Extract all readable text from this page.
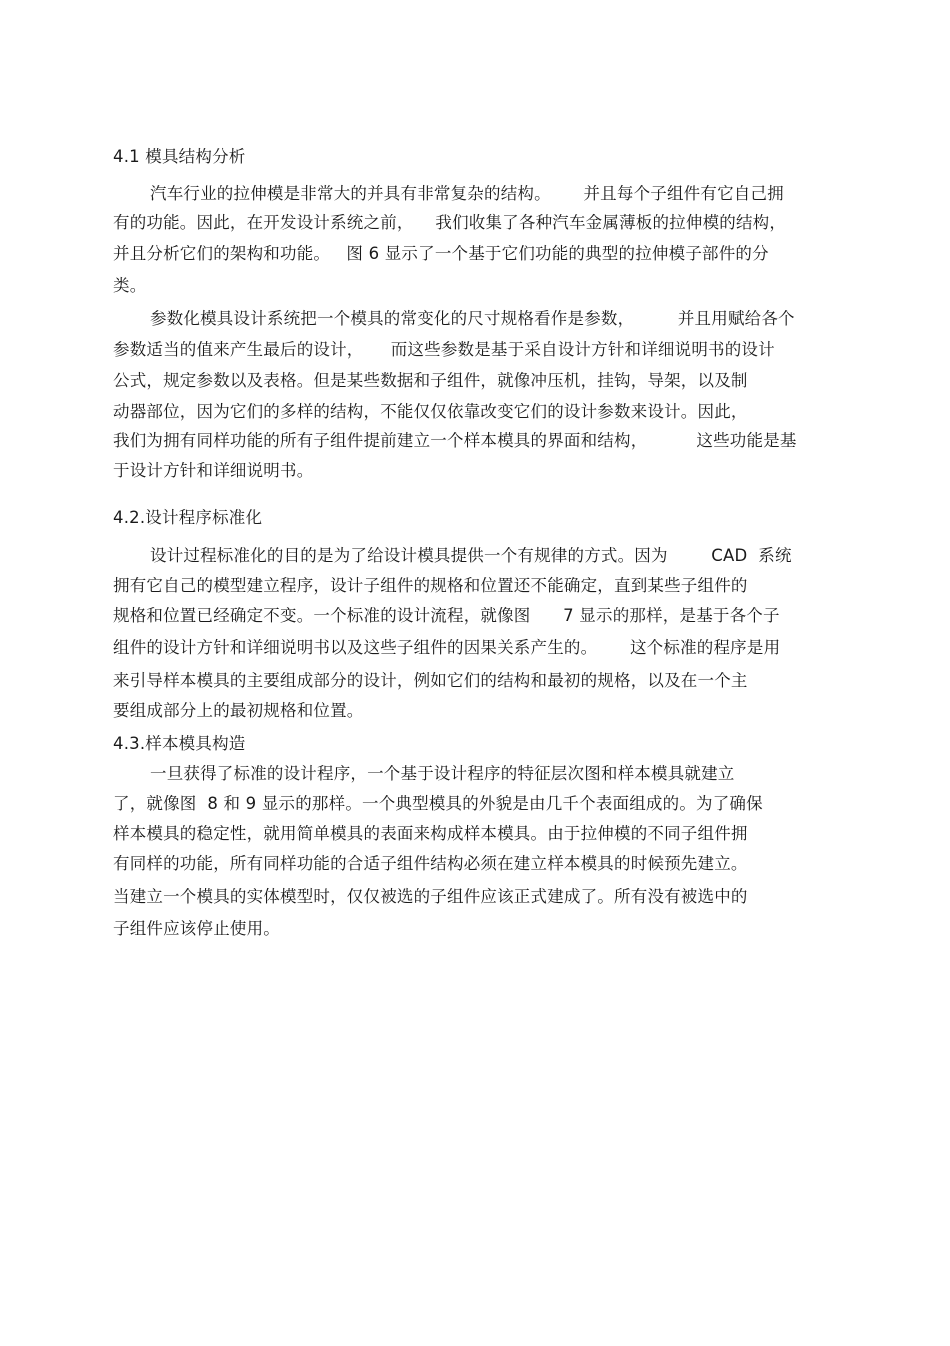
4.1 模具结构分析
汽车行业的拉伸模是非常大的并具有非常复杂的结构。      并且每个子组件有它自己拥
有的功能。因此，在开发设计系统之前，    我们收集了各种汽车金属薄板的拉伸模的结构，
并且分析它们的架构和功能。   图 6 显示了一个基于它们功能的典型的拉伸模子部件的分
类。
参数化模具设计系统把一个模具的常变化的尺寸规格看作是参数，        并且用赋给各个
参数适当的值来产生最后的设计，     而这些参数是基于采自设计方针和详细说明书的设计
公式，规定参数以及表格。但是某些数据和子组件，就像冲压机，挂钩，导架，以及制
动器部位，因为它们的多样的结构，不能仅仅依靠改变它们的设计参数来设计。因此，
我们为拥有同样功能的所有子组件提前建立一个样本模具的界面和结构，         这些功能是基
于设计方针和详细说明书。
4.2.设计程序标准化
设计过程标准化的目的是为了给设计模具提供一个有规律的方式。因为        CAD  系统
拥有它自己的模型建立程序，设计子组件的规格和位置还不能确定，直到某些子组件的
规格和位置已经确定不变。一个标准的设计流程，就像图      7 显示的那样，是基于各个子
组件的设计方针和详细说明书以及这些子组件的因果关系产生的。      这个标准的程序是用
来引导样本模具的主要组成部分的设计，例如它们的结构和最初的规格，以及在一个主
要组成部分上的最初规格和位置。
4.3.样本模具构造
一旦获得了标准的设计程序，一个基于设计程序的特征层次图和样本模具就建立
了，就像图  8 和 9 显示的那样。一个典型模具的外貌是由几千个表面组成的。为了确保
样本模具的稳定性，就用简单模具的表面来构成样本模具。由于拉伸模的不同子组件拥
有同样的功能，所有同样功能的合适子组件结构必须在建立样本模具的时候预先建立。
当建立一个模具的实体模型时，仅仅被选的子组件应该正式建成了。所有没有被选中的
子组件应该停止使用。
